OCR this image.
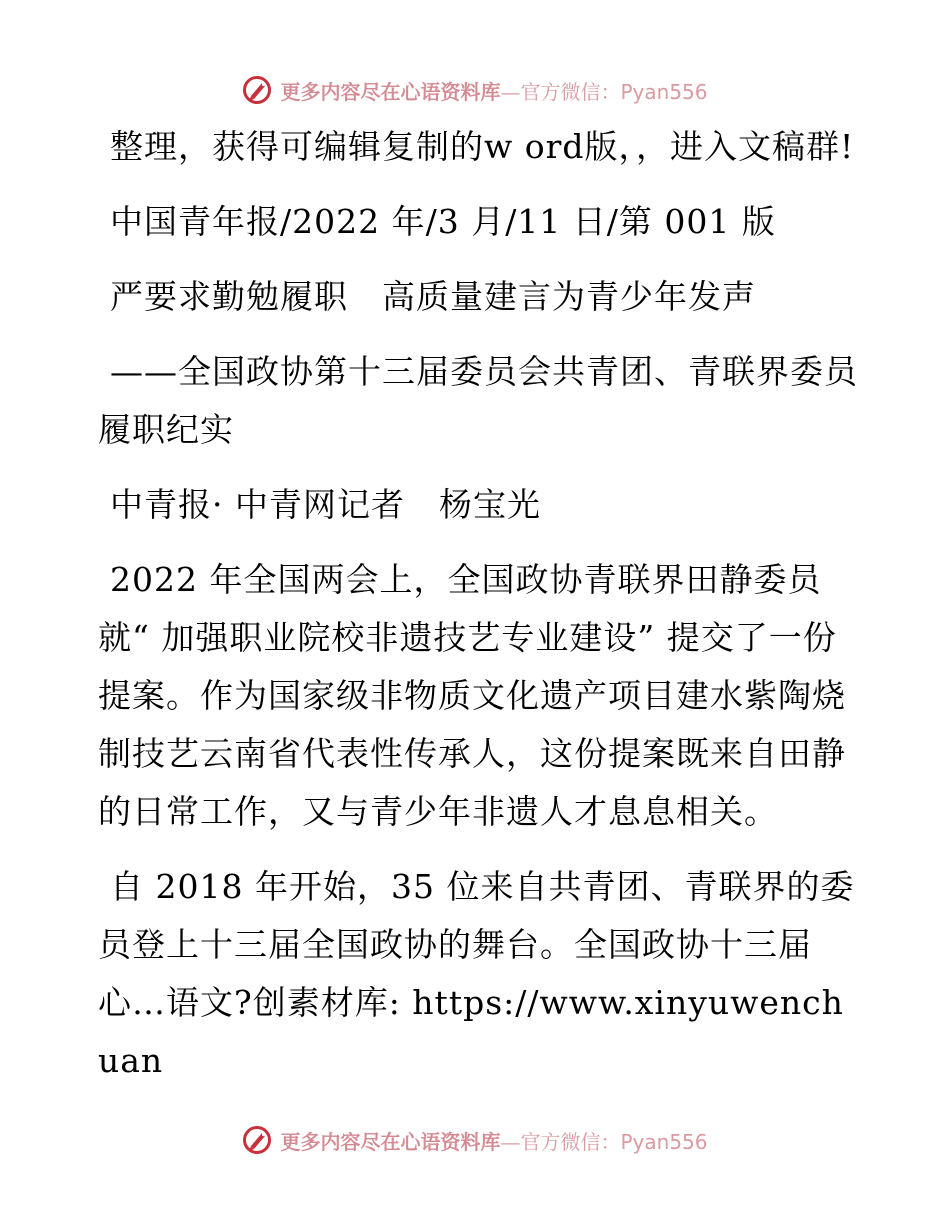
更多内容尽在心语资料库—官方微信：Pyan556

整理，获得可编辑复制的w ord版，，进入文稿群!

中国青年报/2022 年/3 月/11 日/第 001 版

严要求勤勉履职　高质量建言为青少年发声

——全国政协第十三届委员会共青团、青联界委员履职纪实

中青报· 中青网记者　杨宝光

2022 年全国两会上，全国政协青联界田静委员就“ 加强职业院校非遗技艺专业建设” 提交了一份提案。作为国家级非物质文化遗产项目建水紫陶烧制技艺云南省代表性传承人，这份提案既来自田静的日常工作，又与青少年非遗人才息息相关。

自 2018 年开始，35 位来自共青团、青联界的委员登上十三届全国政协的舞台。全国政协十三届心…语文?创素材库: https://www.xinyuwenchuan

更多内容尽在心语资料库—官方微信：Pyan556
